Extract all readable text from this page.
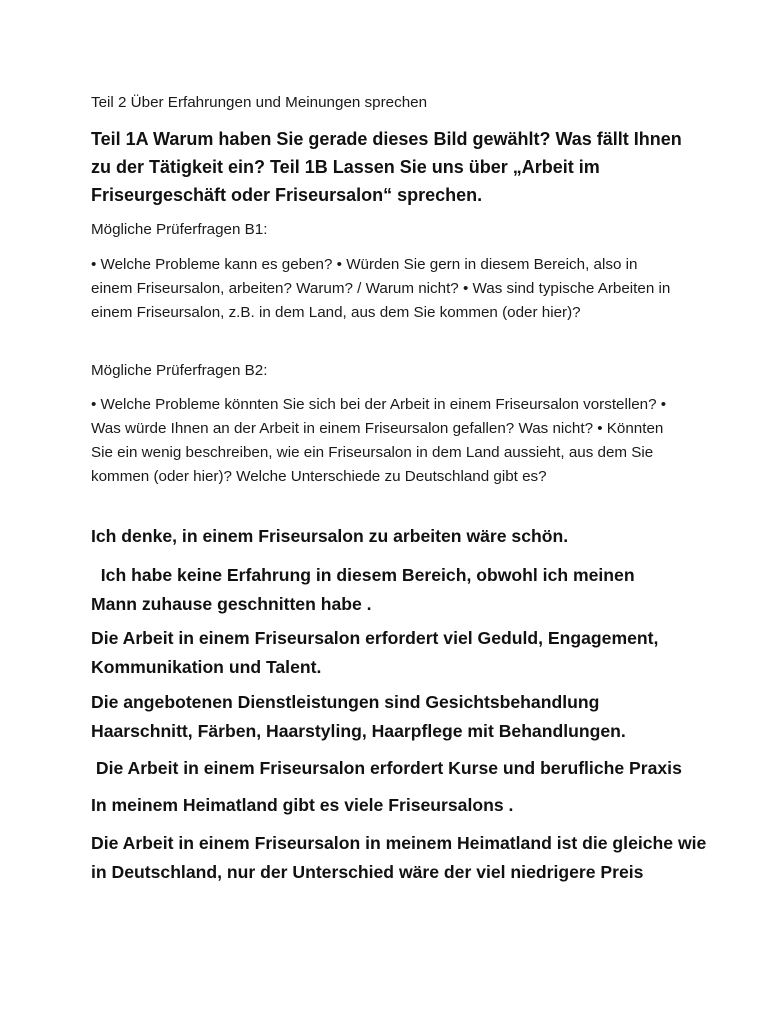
Teil 2 Über Erfahrungen und Meinungen sprechen

Teil 1A Warum haben Sie gerade dieses Bild gewählt? Was fällt Ihnen zu der Tätigkeit ein? Teil 1B Lassen Sie uns über „Arbeit im Friseurgeschäft oder Friseursalon“ sprechen.

Mögliche Prüferfragen B1:

• Welche Probleme kann es geben? • Würden Sie gern in diesem Bereich, also in einem Friseursalon, arbeiten? Warum? / Warum nicht? • Was sind typische Arbeiten in einem Friseursalon, z.B. in dem Land, aus dem Sie kommen (oder hier)?

Mögliche Prüferfragen B2:

• Welche Probleme könnten Sie sich bei der Arbeit in einem Friseursalon vorstellen? • Was würde Ihnen an der Arbeit in einem Friseursalon gefallen? Was nicht? • Könnten Sie ein wenig beschreiben, wie ein Friseursalon in dem Land aussieht, aus dem Sie kommen (oder hier)? Welche Unterschiede zu Deutschland gibt es?

Ich denke, in einem Friseursalon zu arbeiten wäre schön.

Ich habe keine Erfahrung in diesem Bereich, obwohl ich meinen Mann zuhause geschnitten habe .

Die Arbeit in einem Friseursalon erfordert viel Geduld, Engagement, Kommunikation und Talent.

Die angebotenen Dienstleistungen sind Gesichtsbehandlung Haarschnitt, Färben, Haarstyling, Haarpflege mit Behandlungen.

Die Arbeit in einem Friseursalon erfordert Kurse und berufliche Praxis

In meinem Heimatland gibt es viele Friseursalons .

Die Arbeit in einem Friseursalon in meinem Heimatland ist die gleiche wie in Deutschland, nur der Unterschied wäre der viel niedrigere Preis
